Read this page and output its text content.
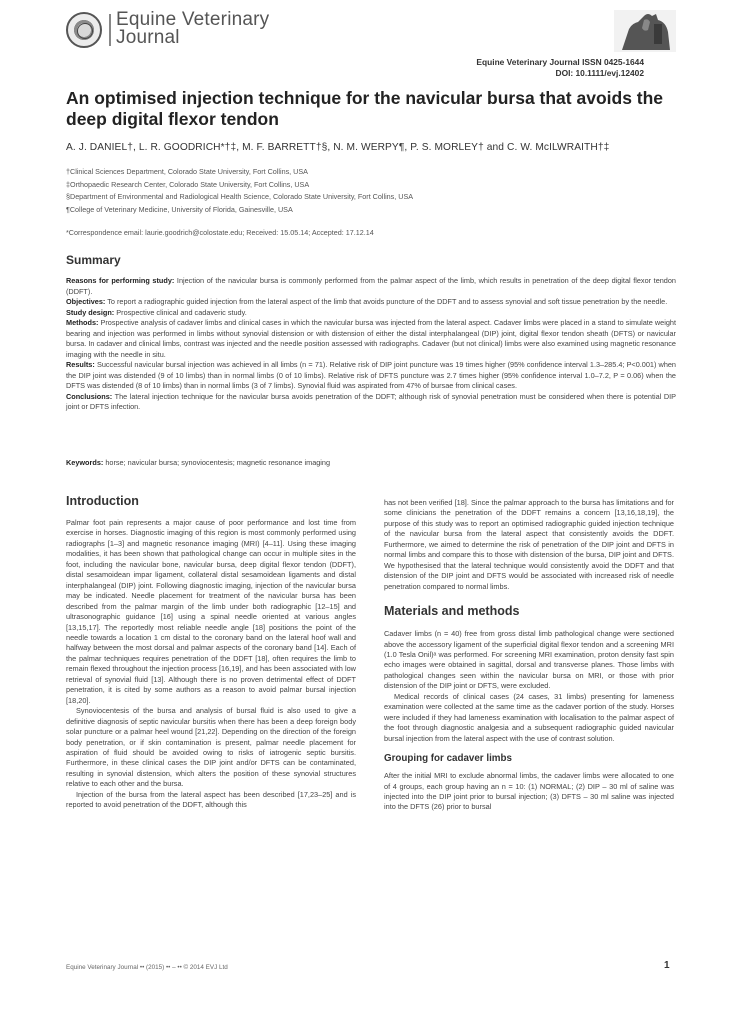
Equine Veterinary
Journal
Equine Veterinary Journal ISSN 0425-1644
DOI: 10.1111/evj.12402
An optimised injection technique for the navicular bursa that avoids the deep digital flexor tendon
A. J. DANIEL†, L. R. GOODRICH*†‡, M. F. BARRETT†§, N. M. WERPY¶, P. S. MORLEY† and C. W. McILWRAITH†‡

†Clinical Sciences Department, Colorado State University, Fort Collins, USA

‡Orthopaedic Research Center, Colorado State University, Fort Collins, USA

§Department of Environmental and Radiological Health Science, Colorado State University, Fort Collins, USA

¶College of Veterinary Medicine, University of Florida, Gainesville, USA

*Correspondence email: laurie.goodrich@colostate.edu; Received: 15.05.14; Accepted: 17.12.14
Summary

Reasons for performing study: Injection of the navicular bursa is commonly performed from the palmar aspect of the limb, which results in penetration of the deep digital flexor tendon (DDFT).

Objectives: To report a radiographic guided injection from the lateral aspect of the limb that avoids puncture of the DDFT and to assess synovial and soft tissue penetration by the needle.

Study design: Prospective clinical and cadaveric study.

Methods: Prospective analysis of cadaver limbs and clinical cases in which the navicular bursa was injected from the lateral aspect. Cadaver limbs were placed in a stand to simulate weight bearing and injection was performed in limbs without synovial distension or with distension of either the distal interphalangeal (DIP) joint, digital flexor tendon sheath (DFTS) or navicular bursa. In cadaver and clinical limbs, contrast was injected and the needle position assessed with radiographs. Cadaver (but not clinical) limbs were also examined using magnetic resonance imaging with the needle in situ.

Results: Successful navicular bursal injection was achieved in all limbs (n = 71). Relative risk of DIP joint puncture was 19 times higher (95% confidence interval 1.3–285.4; P<0.001) when the DIP joint was distended (9 of 10 limbs) than in normal limbs (0 of 10 limbs). Relative risk of DFTS puncture was 2.7 times higher (95% confidence interval 1.0–7.2, P = 0.06) when the DFTS was distended (8 of 10 limbs) than in normal limbs (3 of 7 limbs). Synovial fluid was aspirated from 47% of bursae from clinical cases.

Conclusions: The lateral injection technique for the navicular bursa avoids penetration of the DDFT; although risk of synovial penetration must be considered when there is potential DIP joint or DFTS infection.

Keywords: horse; navicular bursa; synoviocentesis; magnetic resonance imaging
Introduction

Palmar foot pain represents a major cause of poor performance and lost time from exercise in horses. Diagnostic imaging of this region is most commonly performed using radiographs [1–3] and magnetic resonance imaging (MRI) [4–11]. Using these imaging modalities, it has been shown that pathological change can occur in multiple sites in the foot, including the navicular bone, navicular bursa, deep digital flexor tendon (DDFT), distal sesamoidean impar ligament, collateral distal sesamoidean ligaments and distal interphalangeal (DIP) joint. Following diagnostic imaging, injection of the navicular bursa may be indicated. Needle placement for treatment of the navicular bursa has been described from the palmar margin of the limb under both radiographic [12–15] and ultrasonographic guidance [16] using a spinal needle oriented at various angles [13,15,17]. The reportedly most reliable needle angle [18] positions the point of the needle towards a location 1 cm distal to the coronary band on the lateral hoof wall and halfway between the most dorsal and palmar aspects of the coronary band [14]. Each of the palmar techniques requires penetration of the DDFT [18], often requires the limb to remain flexed throughout the injection process [16,19], and has been associated with low retrieval of synovial fluid [13]. Although there is no proven detrimental effect of DDFT penetration, it is cited by some authors as a reason to avoid palmar bursal injection [18,20].

Synoviocentesis of the bursa and analysis of bursal fluid is also used to give a definitive diagnosis of septic navicular bursitis when there has been a deep foreign body solar puncture or a palmar heel wound [21,22]. Depending on the direction of the foreign body penetration, or if skin contamination is present, palmar needle placement for aspiration of fluid should be avoided owing to risks of iatrogenic septic bursitis. Furthermore, in these clinical cases the DIP joint and/or DFTS can be contaminated, resulting in synovial distension, which alters the position of these synovial structures relative to each other and the bursa.

Injection of the bursa from the lateral aspect has been described [17,23–25] and is reported to avoid penetration of the DDFT, although this

has not been verified [18]. Since the palmar approach to the bursa has limitations and for some clinicians the penetration of the DDFT remains a concern [13,16,18,19], the purpose of this study was to report an optimised radiographic guided injection technique of the navicular bursa from the lateral aspect that consistently avoids the DDFT. Furthermore, we aimed to determine the risk of penetration of the DIP joint and DFTS in normal limbs and compare this to those with distension of the bursa, DIP joint and DFTS. We hypothesised that the lateral technique would consistently avoid the DDFT and that distension of the DIP joint and DFTS would be associated with increased risk of needle penetration compared to normal limbs.

Materials and methods

Cadaver limbs (n = 40) free from gross distal limb pathological change were sectioned above the accessory ligament of the superficial digital flexor tendon and a screening MRI (1.0 Tesla Onil)ᵃ was performed. For screening MRI examination, proton density fast spin echo images were obtained in sagittal, dorsal and transverse planes. Those limbs with pathological changes seen within the navicular bursa on MRI, or those with prior distension of the DIP joint or DFTS, were excluded.

Medical records of clinical cases (24 cases, 31 limbs) presenting for lameness examination were collected at the same time as the cadaver portion of the study. Horses were included if they had lameness examination with localisation to the palmar aspect of the foot through diagnostic analgesia and a subsequent radiographic guided navicular bursal injection from the lateral aspect with the use of contrast solution.

Grouping for cadaver limbs

After the initial MRI to exclude abnormal limbs, the cadaver limbs were allocated to one of 4 groups, each group having an n = 10: (1) NORMAL; (2) DIP – 30 ml of saline was injected into the DIP joint prior to bursal injection; (3) DFTS – 30 ml saline was injected into the DFTS (26) prior to bursal

Equine Veterinary Journal •• (2015) •• – •• © 2014 EVJ Ltd	1
